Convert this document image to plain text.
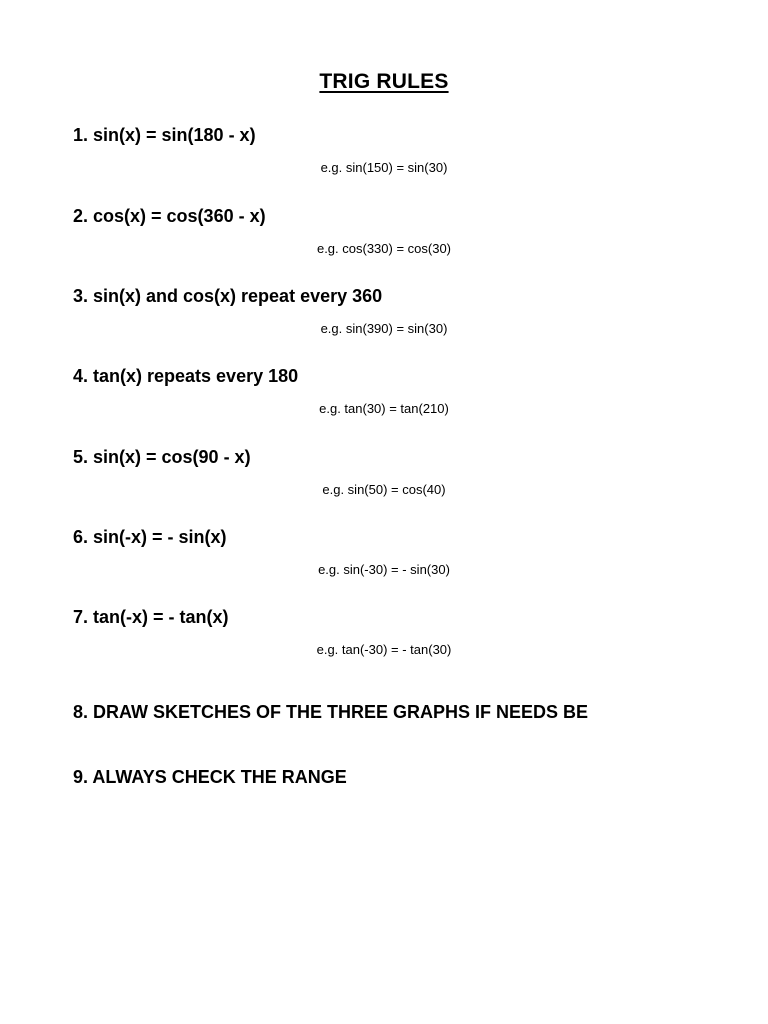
TRIG RULES
1. sin(x) = sin(180 - x)
e.g. sin(150) = sin(30)
2. cos(x) = cos(360 - x)
e.g. cos(330) = cos(30)
3. sin(x) and cos(x) repeat every 360
e.g. sin(390) = sin(30)
4. tan(x) repeats every 180
e.g. tan(30) = tan(210)
5. sin(x) = cos(90 - x)
e.g. sin(50) = cos(40)
6. sin(-x) = - sin(x)
e.g. sin(-30) = - sin(30)
7. tan(-x) = - tan(x)
e.g. tan(-30) = - tan(30)
8. DRAW SKETCHES OF THE THREE GRAPHS IF NEEDS BE
9. ALWAYS CHECK THE RANGE
